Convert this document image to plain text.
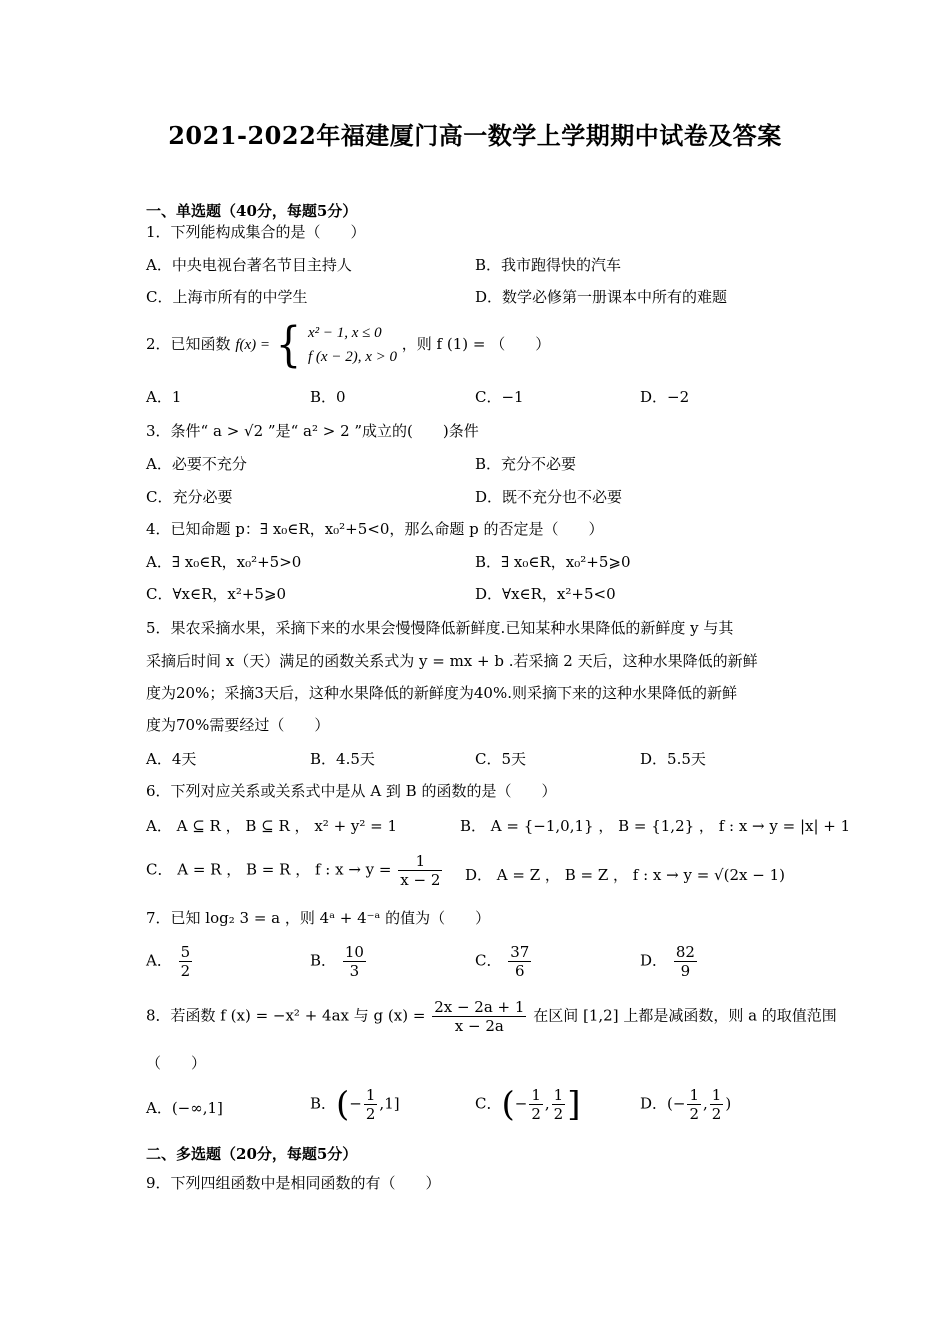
2021-2022年福建厦门高一数学上学期期中试卷及答案
一、单选题（40分，每题5分）
1．下列能构成集合的是（　　）
A．中央电视台著名节目主持人	B．我市跑得快的汽车
C．上海市所有的中学生	D．数学必修第一册课本中所有的难题
2．已知函数 f(x) = { x² − 1, x ≤ 0
f (x − 2), x > 0
，则 f (1) = （　　）
A．1	B．0	C．−1	D．−2
3．条件“ a > √2 ”是“ a² > 2 ”成立的(　　)条件
A．必要不充分	B．充分不必要
C．充分必要	D．既不充分也不必要
4．已知命题 p：∃ x₀∈R，x₀²+5<0，那么命题 p 的否定是（　　）
A．∃ x₀∈R，x₀²+5>0	B．∃ x₀∈R，x₀²+5⩾0
C．∀x∈R，x²+5⩾0	D．∀x∈R，x²+5<0
5．果农采摘水果，采摘下来的水果会慢慢降低新鲜度.已知某种水果降低的新鲜度 y 与其
采摘后时间 x（天）满足的函数关系式为 y = mx + b .若采摘 2 天后，这种水果降低的新鲜
度为20%；采摘3天后，这种水果降低的新鲜度为40%.则采摘下来的这种水果降低的新鲜
度为70%需要经过（　　）
A．4天	B．4.5天	C．5天	D．5.5天
6．下列对应关系或关系式中是从 A 到 B 的函数的是（　　）
A． A ⊆ R ， B ⊆ R ， x² + y² = 1	B． A = {−1,0,1} ， B = {1,2} ， f : x → y = |x| + 1
C． A = R ， B = R ， f : $x \to y = \frac{1}{x - 2}$ D． A = Z ， B = Z ， f : x → y = √(2x − 1)
7．已知 log₂ 3 = a ，则 4ᵃ + 4⁻ᵃ 的值为（　　）
A． $\frac{5}{2}$	B． $\frac{10}{3}$	C． $\frac{37}{6}$	D． $\frac{82}{9}$
8．若函数 f (x) = −x² + 4ax 与 g $(x) = \frac{2x - 2a + 1}{x - 2a}$ 在区间 [1,2] 上都是减函数，则 a 的取值范围
（　　）
A．(−∞,1]	B．(− $\frac{1}{2} ,1$]	C．(− $\frac{1}{2}$ , $\frac{1}{2}$ ]	D．(− $\frac{1}{2}$ , $\frac{1}{2}$ )
二、多选题（20分，每题5分）
9．下列四组函数中是相同函数的有（　　）
